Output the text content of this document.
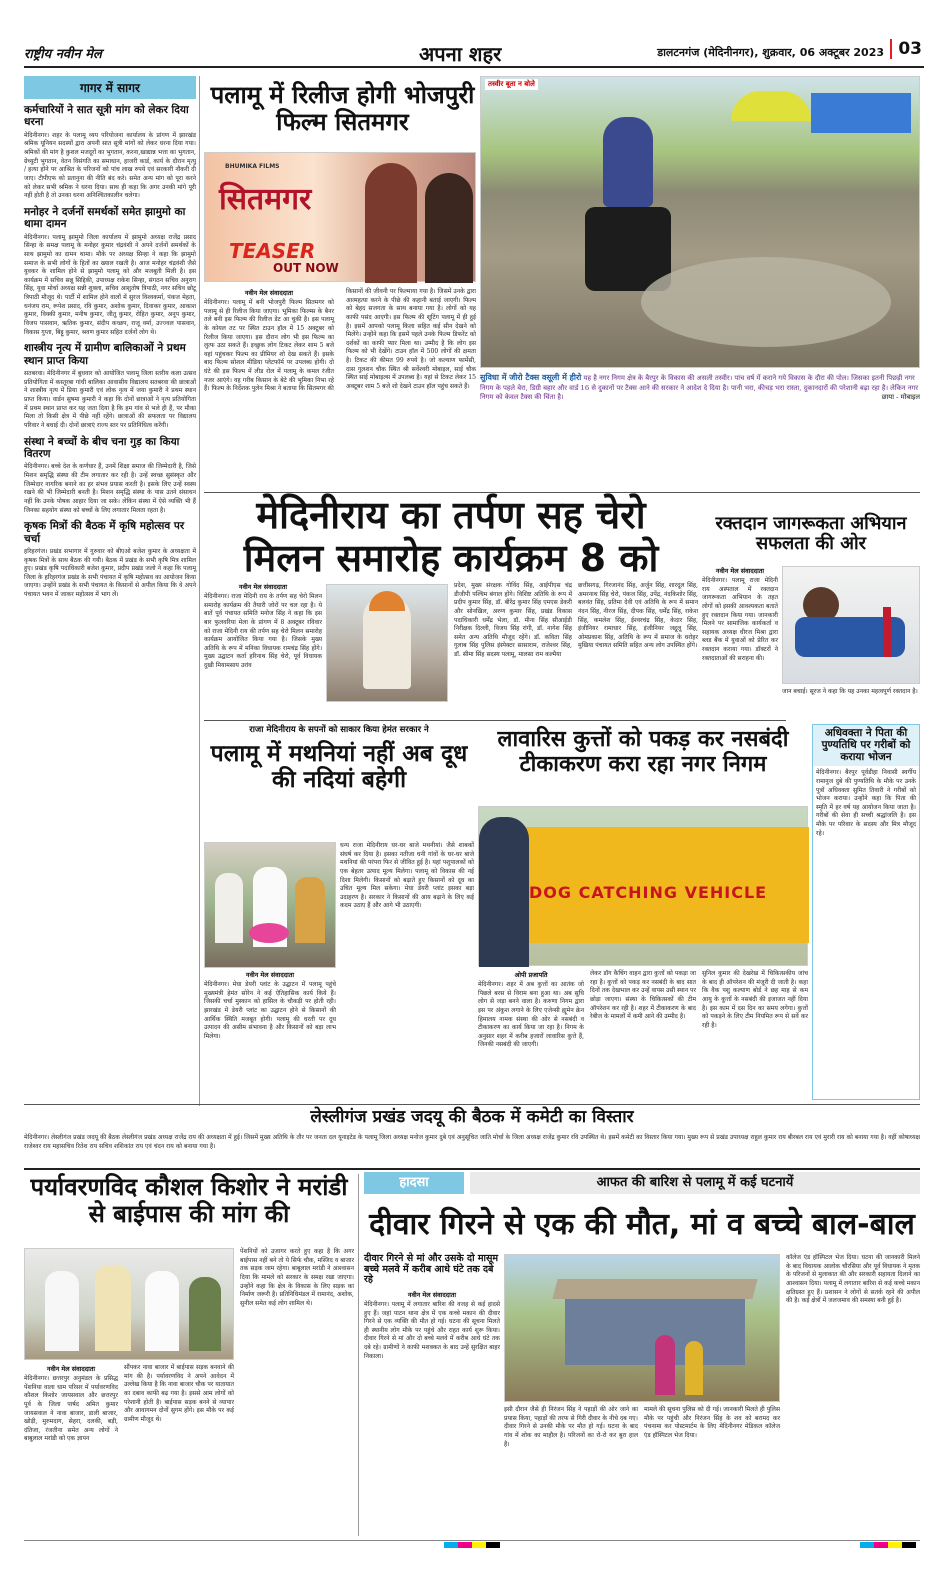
राष्ट्रीय नवीन मेल	अपना शहर	डालटनगंज (मेदिनीनगर), शुक्रवार, 06 अक्टूबर 2023 03
गागर में सागर
कर्मचारियों ने सात सूत्री मांग को लेकर दिया धरना
मेदिनीनगर। शहर के पलामू व्यय परियोजना कार्यालय के प्रांगण में झारखंड श्रमिक यूनियन सदस्यों द्वारा अपनी सात सूत्री मांगों को लेकर धरना दिया गया। श्रमिकों की मांग है कुशल मजदूरों का भुगतान, करना,खाद्यान्न भत्ता का भुगतान, ग्रेच्युटी भुगतान, वेतन विसंगति का समाधान, हाजरी कार्ड, कार्य के दौरान मृत्यु / हत्या होने पर आश्रित के परिजनों को पांच लाख रुपये एवं सरकारी नौकरी दी जाए। टीपीएफ को प्रतानुना की नीति बंद करे। समेत अन्य मांग को पूरा करने को लेकर सभी श्रमिक ने धरना दिया। साथ ही कहा कि अगर उनकी मांगे पूरी नहीं होती है तो उनका धरना अनिश्चितकालीन चलेगा।
मनोहर ने दर्जनों समर्थकों समेत झामुमो का थामा दामन
मेदिनीनगर। पलामू झामुमो जिला कार्यालय में झामुमो अध्यक्ष राजेंद्र प्रसाद सिन्हा के समक्ष पलामू के मनोहर कुमार चंद्रवंशी ने अपने दर्जनों समर्थकों के साथ झामुमो का दामन थामा। मौके पर अध्यक्ष सिन्हा ने कहा कि झामुमो समाज के सभी लोगों के हितों का ख्याल रखती है। आज मनोहर चंद्रवंशी जैसे युवकर के शामिल होने से झामुमो पलामू को और मजबूती मिली है। इस कार्यक्रम में सचिव सन्नू सिद्दिकी, उपाध्यक्ष राकेश सिन्हा, संगठन सचिव अनुराग सिंह, युवा मोर्चा अध्यक्ष सन्नी शुक्ला, सचिव आशुतोष त्रिपाठी, नगर सचिव छोटू त्रिपाठी मौजूद थे। पार्टी में शामिल होने वालों में सुरज विश्वकर्मा, पंकज मेहता, धनंजय राम, रूपेश प्रसाद, रवि कुमार, अशोक कुमार, दिवाकर कुमार, आकाश कुमार, विक्की कुमार, मनीष कुमार, जीतू कुमार, रोहित कुमार, अनूप कुमार, विजय पासवान, ऋतिक कुमार, संदीप कच्छप, राजू वर्मा, उज्ज्वल पासवान, विकास गुप्ता, बिट्टू कुमार, श्रवण कुमार सहित दर्जनों लोग थे।
शास्त्रीय नृत्य में ग्रामीण बालिकाओं ने प्रथम स्थान प्राप्त किया
सतबरवा। मेदिनीनगर में बुधवार को आयोजित पलामू जिला स्तरीय कला उत्सव प्रतियोगिता में कस्तूरबा गांधी बालिका आवासीय विद्यालय सतबरवा की छात्राओं ने शास्त्रीय नृत्य में प्रिया कुमारी एवं लोक नृत्य में जया कुमारी ने प्रथम स्थान प्राप्त किया। वार्डन सुषमा कुमारी ने कहा कि दोनों छात्राओं ने नृत्य प्रतियोगिता में प्रथम स्थान प्राप्त कर यह जता दिया है कि हम गांव से भले ही हैं, पर मौका मिला तो किसी क्षेत्र में पीछे नहीं रहेंगे। छात्राओं की सफलता पर विद्यालय परिवार ने बधाई दी। दोनों छात्राएं राज्य स्तर पर प्रतिनिधित्व करेंगी।
संस्था ने बच्चों के बीच चना गुड़ का किया वितरण
मेदिनीनगर। बच्चे देश के कर्णधार हैं, उनमें शिक्षा समाज की जिम्मेदारी है, जिसे मिशन समृद्धि संस्था की टीम लगातार कर रही है। उन्हें स्वच्छ सुसंस्कृत और जिम्मेदार नागरिक बनाने का हर संभव प्रयास करती है। इसके लिए उन्हें स्वस्थ रखने की भी जिम्मेदारी बनती है। मिशन समृद्धि संस्था के पास उतने संसाधन नहीं कि उनके पोषक आहार दिया जा सके। लेकिन संस्था में ऐसे व्यक्ति भी हैं जिनका सहयोग संस्था को बच्चों के लिए लगातार मिलता रहता है।
कृषक मित्रों की बैठक में कृषि महोत्सव पर चर्चा
हरिहरगंज। प्रखंड सभागार में गुरुवार को बीएओ बजेश कुमार के अध्यक्षता में कृषक मित्रों के साथ बैठक की गयी। बैठक में प्रखंड के सभी कृषि मित्र शामिल हुए। प्रखंड कृषि पदाधिकारी बजेश कुमार, प्रदीप प्रखंड जलो ने कहा कि पलामू जिला के हरिहरगंज प्रखंड के सभी पंचायत में कृषि महोत्सव का आयोजन किया जाएगा। उन्होंने प्रखंड के सभी पंचायत के किसानों से अपील किया कि वे अपने पंचायत भवन में जाकर महोत्सव में भाग लें।
पलामू में रिलीज होगी भोजपुरी फिल्म सितमगर
BHUMIKA FILMS
सितमगर
TEASER
OUT NOW
नवीन मेल संवाददाता
मेदिनीनगर। पलामू में बनी भोजपुरी फिल्म सितमगर को पलामू से ही रिलीज किया जाएगा। भूमिका फिल्म्स के बैनर तले बनी इस फिल्म की रिलीज डेट आ चुकी है। इस पलामू के कोयल तट पर स्थित टाउन हॉल में 15 अक्टूबर को रिलीज किया जाएगा। इस दौरान लोग भी इस फिल्म का लुत्फ उठा सकते हैं। इच्छुक लोग टिकट लेकर शाम 5 बजे वहां पहुंचकर फिल्म का प्रीमियर शो देख सकते हैं। इसके बाद फिल्म सोशल मीडिया प्लेटफॉर्म पर उपलब्ध होगी। दो घंटे की इस फिल्म में लीड रोल में पलामू के कमल रंजीत नजर आएंगे। वह गरीब किसान के बेटे की भूमिका निभा रहे हैं। फिल्म के निर्देशक पुलेन मिश्रा ने बताया कि सितमगर की
किसानों की जीवनी पर फिल्माया गया है। जिसमें उनके द्वारा आत्महत्या करने के पीछे की कहानी बताई जाएगी। फिल्म को बेहद सजगता के साथ बनाया गया है। लोगों को यह काफी पसंद आएगी। इस फिल्म की शूटिंग पलामू में ही हुई है। इसमें आपको पलामू किला सहित कई सीन देखने को मिलेंगे। उन्होंने कहा कि इसमें पहले उनके फिल्म डिफरेंट को दर्शकों का काफी प्यार मिला था। उम्मीद है कि लोग इस फिल्म को भी देखेंगे। टाउन हॉल में 500 लोगों की क्षमता है। टिकट की कीमत 99 रुपये है। जो कल्याण फार्मेसी, दास गुलशन चौक स्थित श्री सर्वेश्वरी मोबाइल, साई चौक स्थित साई मोबाइल्स में उपलब्ध है। यहां से टिकट लेकर 15 अक्टूबर शाम 5 बजे शो देखने टाउन हॉल पहुंच सकते हैं।
तस्वीर बूता न बोले
सुविधा में जीरो टैक्स वसूली में हीरो यह है नगर निगम क्षेत्र के बैरपुर के विकास की असली तस्वीर। पांच वर्ष में कराने गये विकास के दौरा की पोल। जिसका इतनी पिछड़ी नगर निगम के पहले बेरा, डिग्री बहार और वार्ड 16 से दुकानों पर टैक्स आने की सरकार ने आदेश दे दिया है। पानी भरा, कीचड़ भरा रास्ता, दुकानदारों की परेशानी बढ़ा रहा है। लेकिन नगर निगम को केवल टैक्स की चिंता है।	छाया - मोबाइल
मेदिनीराय का तर्पण सह चेरो
मिलन समारोह कार्यक्रम 8 को
नवीन मेल संवाददाता
मेदिनीनगर। राजा मेदिनी राय के तर्पण सह चेरो मिलन समारोह कार्यक्रम की तैयारी जोरों पर चल रहा है। ये बातें पूर्व पंचायत समिति मनोज सिंह ने कहा कि इस बार फुलवरिया मेला के प्रांगण में 8 अक्टूबर रविवार को राजा मेदिनी राय की तर्पण सह चेरो मिलन समारोह कार्यक्रम आयोजित किया गया है। जिसके मुख्य अतिथि के रूप में मनिका विधायक रामचंद्र सिंह होंगे। मुख्य उद्घाटन कर्ता हरिनाथ सिंह चेरो, पूर्व विधायक दुखी मियामसाय उरांव
प्रदेश, मुख्य संरक्षक गोविंद सिंह, आईपीएस चंद्र डीजीपी पश्चिम बंगाल होंगे। विशिष्ट अतिथि के रूप में प्रदीप कुमार सिंह, डॉ. बीरेंद्र कुमार सिंह एमएस डेकरी और सोनखिल, अरुण कुमार सिंह, प्रखंड विकास पदाधिकारी धर्मेंद्र भेला, डॉ. मीना सिंह सीआईडी निरीक्षक दिल्ली, विजय सिंह रांगी, डॉ. नागेश सिंह समेत अन्य अतिथि मौजूद रहेंगे। डॉ. कविता सिंह गुलाब सिंह पुलिस इंस्पेक्टर सासाराम, राजेश्वर सिंह, डॉ. सीमा सिंह सदस्य पलामू, मालसा राम कल्मैया
छत्तीसगढ़, गिरजानंद सिंह, अर्जुन सिंह, शारदूल सिंह, अमरनाथ सिंह चेरो, पंकज सिंह, उपेंद्र, नंदकिशोर सिंह, बलवंत सिंह, प्रतिमा देवी एवं अतिथि के रूप में समान नंदन सिंह, नीरज सिंह, दीपक सिंह, धर्मेंद्र सिंह, राकेश सिंह, कमलेश सिंह, ईश्वरचंद्र सिंह, केदार सिंह, इंजीनियर रामाधार सिंह, इंजीनियर जद्दूलू सिंह, ओमप्रकाश सिंह, अतिथि के रूप में समाज के धरोहर मुखिया पंचायत समिति सहित अन्य लोग उपस्थित होंगे।
रक्तदान जागरूकता अभियान सफलता की ओर
नवीन मेल संवाददाता
मेदिनीनगर। पलामू राजा मेदिनी राय अस्पताल में रक्तदान जागरूकता अभियान के तहत लोगों को इसकी आवश्यकता बताते हुए रक्तदान किया गया। जानकारी मिलने पर सामाजिक कार्यकर्ता व सहायक अध्यक्ष धीरज मिश्रा द्वारा ब्लड बैंक में युवाओं को प्रेरित कर रक्तदान कराया गया। डॉक्टरों ने रक्तदाताओं की सराहना की।
जान बचाई। सूरज ने कहा कि यह उनका महत्वपूर्ण रक्तदान है।
राजा मेदिनीराय के सपनों को साकार किया हेमंत सरकार ने
पलामू में मथनियां नहीं अब दूध की नदियां बहेगी
नवीन मेल संवाददाता
मेदिनीनगर। मेघा डेयरी प्लांट के उद्घाटन में पलामू पहुंचे मुख्यमंत्री हेमंत सोरेन ने कई ऐतिहासिक कार्य किये हैं। जिसकी चर्चा मुस्कान को हासिल के चौकड़ी पर होती रही। झारखंड में डेयरी प्लांट का उद्घाटन होने से किसानों की आर्थिक स्थिति मजबूत होगी। पलामू की धरती पर दूध उत्पादन की असीम संभावना है और किसानों को बड़ा लाभ मिलेगा।
धन्य राजा मेदिनीराय घर-घर बाजे मथनीयां। जैसे शाबकों संघर्ष कर दिया है। इसका नतीजा धनी गांवों के घर-घर बाजे मथनियां की परंपरा फिर से जीवित हुई है। यहां पशुपालकों को एक बेहतर उत्पाद मूल्य मिलेगा। पलामू को विकास की नई दिशा मिलेगी। किसानों को बढ़ाते हुए किसानों को दूध का उचित मूल्य मिल सकेगा। मेघा डेयरी प्लांट इसका बड़ा उदाहरण है। सरकार ने किसानों की आय बढ़ाने के लिए कई कदम उठाए हैं और आगे भी उठाएगी।
लावारिस कुत्तों को पकड़ कर नसबंदी
टीकाकरण करा रहा नगर निगम
DOG CATCHING VEHICLE
ओपी प्रजापति
मेदिनीनगर। शहर में अब कुत्तों का आतंक जो पिछले बरस से विराम बना हुआ था। अब सुधि लोग से जड़ा बनने वाला है। करुणा निगम द्वारा इस पर अंकुश लगाने के लिए एजेन्सी ह्यूमेन क्रेन हिमालय नामक संस्था की ओर से नसबंदी व टीकाकरण का कार्य किया जा रहा है। निगम के अनुसार शहर में करीब हजारों लावारिस कुत्ते हैं, जिनकी नसबंदी की जाएगी।
लेकर डॉग कैचिंग वाहन द्वारा कुत्तों को पकड़ा जा रहा है। कुत्तों को पकड़ कर नसबंदी के बाद सात दिनों तक देखभाल कर उन्हें वापस उसी स्थान पर छोड़ा जाएगा। संस्था के चिकित्सकों की टीम ऑपरेशन कर रही है। शहर में टीकाकरण के बाद रेबीज के मामलों में कमी आने की उम्मीद है।
सुनिल कुमार की देखरेख में चिकित्सकीय जांच के बाद ही ऑपरेशन की मंजूरी दी जाती है। कहा कि वैक पशु कल्याण बोर्ड ने छह माह से कम आयु के कुत्तों के नसबंदी की इजाजत नहीं दिया है। इस काम में दस दिन का समय लगेगा। कुत्तों को पकड़ने के लिए टीम नियमित रूप से सर्वे कर रही है।
अधिवक्ता ने पिता की पुण्यतिथि पर गरीबों को कराया भोजन
मेदिनीनगर। बैरपुर पूर्वडीहा निवासी स्वर्गीय रामानुज दुबे की पुण्यतिथि के मौके पर उनके पुत्रों अधिवक्ता सुमित तिवारी ने गरीबों को भोजन कराया। उन्होंने कहा कि पिता की स्मृति में हर वर्ष यह आयोजन किया जाता है। गरीबों की सेवा ही सच्ची श्रद्धांजलि है। इस मौके पर परिवार के सदस्य और मित्र मौजूद रहे।
लेस्लीगंज प्रखंड जदयू की बैठक में कमेटी का विस्तार
मेदिनीनगर। लेस्लीगंज प्रखंड जदयू की बैठक लेस्लीगंज प्रखंड अध्यक्ष राजेंद्र राय की अध्यक्षता में हुई। जिसमें मुख्य अतिथि के तौर पर जनता दल यूनाइटेड के पलामू जिला अध्यक्ष मनोज कुमार दुबे एवं अनुसूचित जाति मोर्चा के जिला अध्यक्ष राजेंद्र कुमार रवि उपस्थित थे। इसमें कमेटी का विस्तार किया गया। मुख्य रूप से प्रखंड उपाध्यक्ष राहुल कुमार राय बीरबल राय एवं मुरारी राय को बनाया गया है। वहीं कोषाध्यक्ष राजेश्वर राय महासचिव रितेश राय सचिव शशिकांत राय एवं चंदन राय को बनाया गया है।
पर्यावरणविद कौशल किशोर ने मरांडी से बाईपास की मांग की
नवीन मेल संवाददाता
मेदिनीनगर। छत्तरपुर अनुमंडल के प्रसिद्ध पेंशनिया वाला धाम परिसर में पर्यावरणविद कौशल किशोर जायसवाल और छत्तरपुर पूर्व के जिला पार्षद अमित कुमार जायसवाल ने नावा बाजार, डाली बाजार, खोड़ी, मुरुमदाग, सेहरा, दलकी, बड़ी, दंतिजा, रंजतीना समेत अन्य लोगों ने बाबूलाल मरांडी को एक ज्ञापन
सौंपकर नावा बाजार में बाईपास सड़क बनवाने की मांग की है। पर्यावरणविद ने अपने आवेदन में उल्लेख किया है कि नावा बाजार चौक पर यातायात का दबाव काफी बढ़ गया है। इससे आम लोगों को परेशानी होती है। बाईपास सड़क बनने से व्यापार और आवागमन दोनों सुगम होंगे। इस मौके पर कई ग्रामीण मौजूद थे।
पेंशनियों को उजागर करते हुए कहा है कि अगर बाईपास नहीं बने तो ये सिर्फ चौक, मस्जिद व बाजार तक सड़क जाम रहेगा। बाबूलाल मरांडी ने आश्वासन दिया कि मामले को सरकार के समक्ष रखा जाएगा। उन्होंने कहा कि क्षेत्र के विकास के लिए सड़क का निर्माण जरूरी है। प्रतिनिधिमंडल में रामानंद, अशोक, सुनील समेत कई लोग शामिल थे।
हादसा	आफत की बारिश से पलामू में कई घटनायें
दीवार गिरने से एक की मौत, मां व बच्चे बाल-बाल
दीवार गिरने से मां और उसके दो मासूम बच्चे मलवे में करीब आधे घंटे तक दबे रहे
नवीन मेल संवाददाता
मेदिनीनगर। पलामू में लगातार बारिश की वजह से कई हादसे हुए हैं। जहां पाटन थाना क्षेत्र में एक कच्चे मकान की दीवार गिरने से एक व्यक्ति की मौत हो गई। घटना की सूचना मिलते ही स्थानीय लोग मौके पर पहुंचे और राहत कार्य शुरू किया। दीवार गिरने से मां और दो बच्चे मलवे में करीब आधे घंटे तक दबे रहे। ग्रामीणों ने काफी मशक्कत के बाद उन्हें सुरक्षित बाहर निकाला।
इसी दौरान जैसे ही निरंजन सिंह ने पहाड़ों की ओर जाने का प्रयास किया, पहाड़ों की तरफ से गिरी दीवार के नीचे दब गए। दीवार गिरने से उनकी मौके पर मौत हो गई। घटना के बाद गांव में शोक का माहौल है। परिजनों का रो-रो कर बुरा हाल है।
मामले की सूचना पुलिस को दी गई। जानकारी मिलते ही पुलिस मौके पर पहुंची और निरंजन सिंह के शव को बरामद कर पंचनामा कर पोस्टमार्टम के लिए मेदिनीनगर मेडिकल कॉलेज एंड हॉस्पिटल भेज दिया।
कॉलेज एंड हॉस्पिटल भेज दिया। घटना की जानकारी मिलने के बाद विधायक आलोक चौरसिया और पूर्व विधायक ने मृतक के परिजनों से मुलाकात की और सरकारी सहायता दिलाने का आश्वासन दिया। पलामू में लगातार बारिश से कई कच्चे मकान क्षतिग्रस्त हुए हैं। प्रशासन ने लोगों से सतर्क रहने की अपील की है। कई क्षेत्रों में जलजमाव की समस्या बनी हुई है।
